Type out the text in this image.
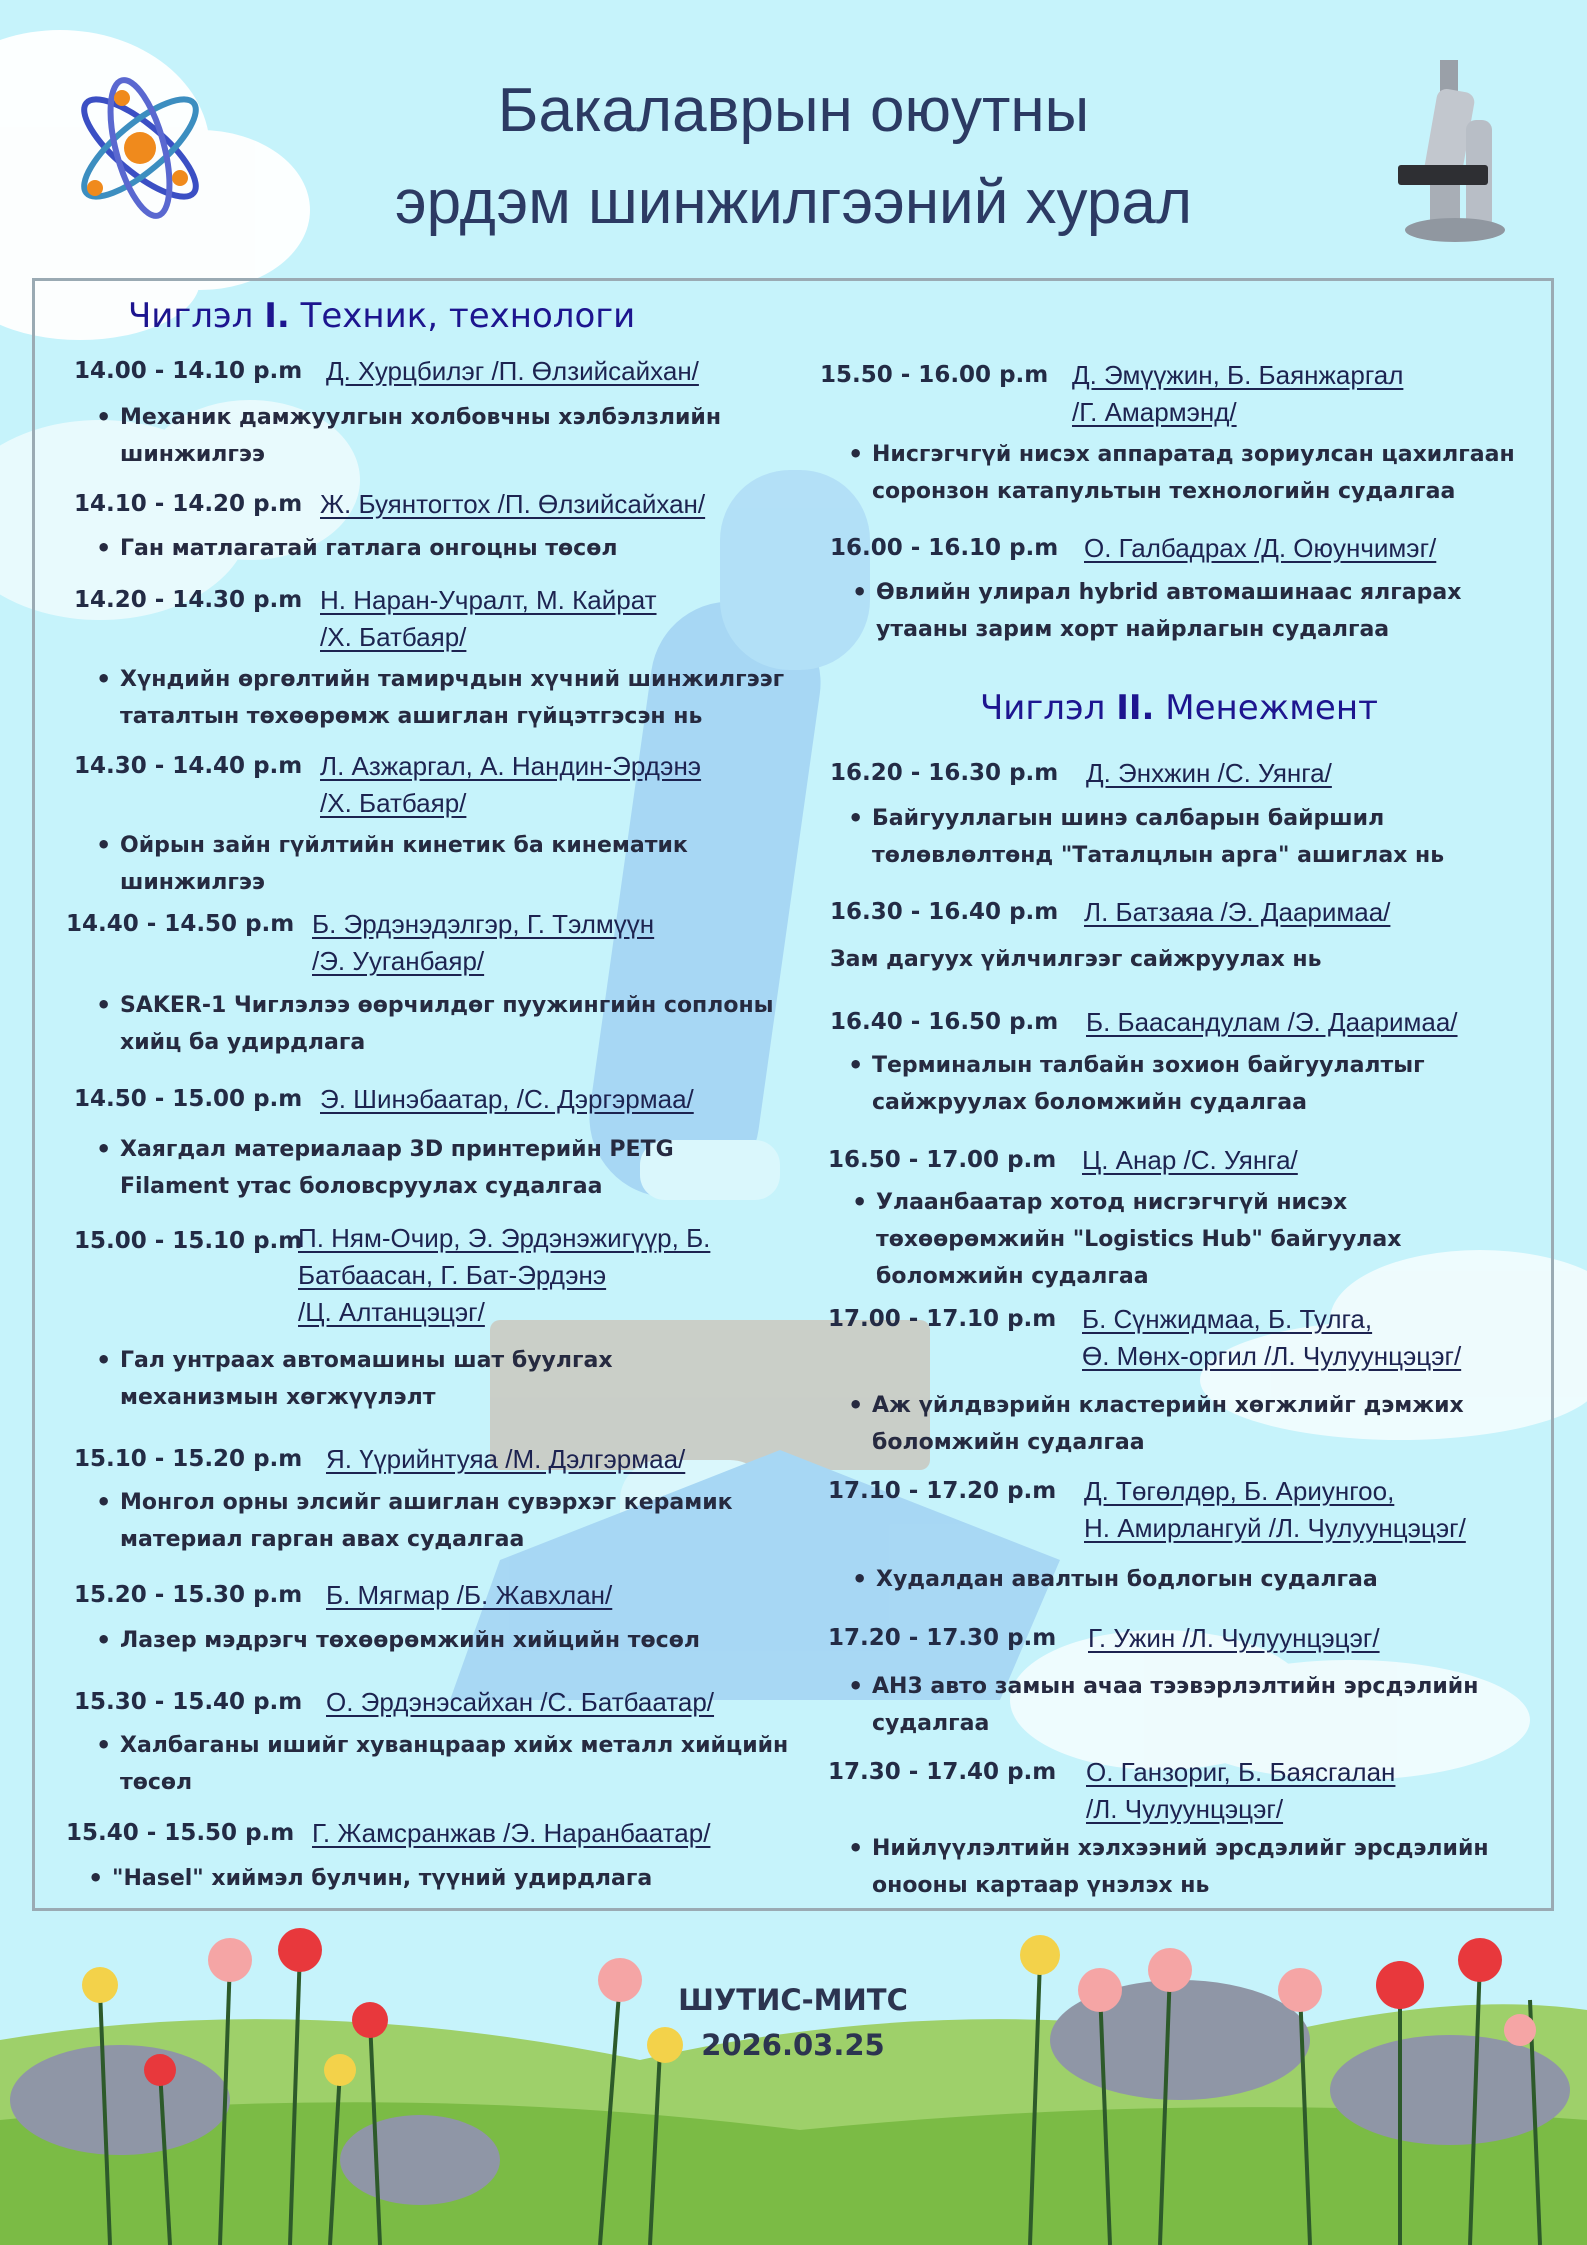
Бакалаврын оюутны
эрдэм шинжилгээний хурал
Чиглэл I. Техник, технологи
Чиглэл II. Менежмент
14.00 - 14.10 p.m Д. Хурцбилэг /П. Өлзийсайхан/
• Механик дамжуулгын холбовчны хэлбэлзлийн
шинжилгээ
14.10 - 14.20 p.m Ж. Буянтогтох /П. Өлзийсайхан/
• Ган матлагатай гатлага онгоцны төсөл
14.20 - 14.30 p.m Н. Наран-Учралт, М. Кайрат
/Х. Батбаяр/
• Хүндийн өргөлтийн тамирчдын хүчний шинжилгээг
таталтын төхөөрөмж ашиглан гүйцэтгэсэн нь
14.30 - 14.40 p.m Л. Азжаргал, А. Нандин-Эрдэнэ
/Х. Батбаяр/
• Ойрын зайн гүйлтийн кинетик ба кинематик
шинжилгээ
14.40 - 14.50 p.m Б. Эрдэнэдэлгэр, Г. Тэлмүүн
/Э. Ууганбаяр/
• SAKER-1 Чиглэлээ өөрчилдөг пуужингийн соплоны
хийц ба удирдлага
14.50 - 15.00 p.m Э. Шинэбаатар, /С. Дэргэрмаа/
• Хаягдал материалаар 3D принтерийн PETG
Filament утас боловсруулах судалгаа
15.00 - 15.10 p.m
П. Ням-Очир, Э. Эрдэнэжигүүр, Б.
Батбаасан, Г. Бат-Эрдэнэ
/Ц. Алтанцэцэг/
• Гал унтраах автомашины шат буулгах
механизмын хөгжүүлэлт
15.10 - 15.20 p.m Я. Үүрийнтуяа /М. Дэлгэрмаа/
• Монгол орны элсийг ашиглан сувэрхэг керамик
материал гарган авах судалгаа
15.20 - 15.30 p.m Б. Мягмар /Б. Жавхлан/
• Лазер мэдрэгч төхөөрөмжийн хийцийн төсөл
15.30 - 15.40 p.m О. Эрдэнэсайхан /С. Батбаатар/
• Халбаганы ишийг хуванцраар хийх металл хийцийн
төсөл
15.40 - 15.50 p.m Г. Жамсранжав /Э. Наранбаатар/
• "Hasel" хиймэл булчин, түүний удирдлага
15.50 - 16.00 p.m Д. Эмүүжин, Б. Баянжаргал
/Г. Амармэнд/
• Нисгэгчгүй нисэх аппаратад зориулсан цахилгаан
соронзон катапультын технологийн судалгаа
16.00 - 16.10 p.m О. Галбадрах /Д. Оюунчимэг/
• Өвлийн улирал hybrid автомашинаас ялгарах
утааны зарим хорт найрлагын судалгаа
16.20 - 16.30 p.m Д. Энхжин /С. Уянга/
• Байгууллагын шинэ салбарын байршил
төлөвлөлтөнд "Таталцлын арга" ашиглах нь
16.30 - 16.40 p.m Л. Батзаяа /Э. Дааримаа/
Зам дагуух үйлчилгээг сайжруулах нь
16.40 - 16.50 p.m Б. Баасандулам /Э. Дааримаа/
• Терминалын талбайн зохион байгуулалтыг
сайжруулах боломжийн судалгаа
16.50 - 17.00 p.m Ц. Анар /С. Уянга/
• Улаанбаатар хотод нисгэгчгүй нисэх
төхөөрөмжийн "Logistics Hub" байгуулах
боломжийн судалгаа
17.00 - 17.10 p.m Б. Сүнжидмаа, Б. Тулга,
Ө. Мөнх-оргил /Л. Чулуунцэцэг/
• Аж үйлдвэрийн кластерийн хөгжлийг дэмжих
боломжийн судалгаа
17.10 - 17.20 p.m Д. Төгөлдөр, Б. Ариунгоо,
Н. Амирлангуй /Л. Чулуунцэцэг/
• Худалдан авалтын бодлогын судалгаа
17.20 - 17.30 p.m Г. Ужин /Л. Чулуунцэцэг/
• АН3 авто замын ачаа тээвэрлэлтийн эрсдэлийн
судалгаа
17.30 - 17.40 p.m О. Ганзориг, Б. Баясгалан
/Л. Чулуунцэцэг/
• Нийлүүлэлтийн хэлхээний эрсдэлийг эрсдэлийн
онооны картаар үнэлэх нь
ШУТИС-МИТС
2026.03.25
